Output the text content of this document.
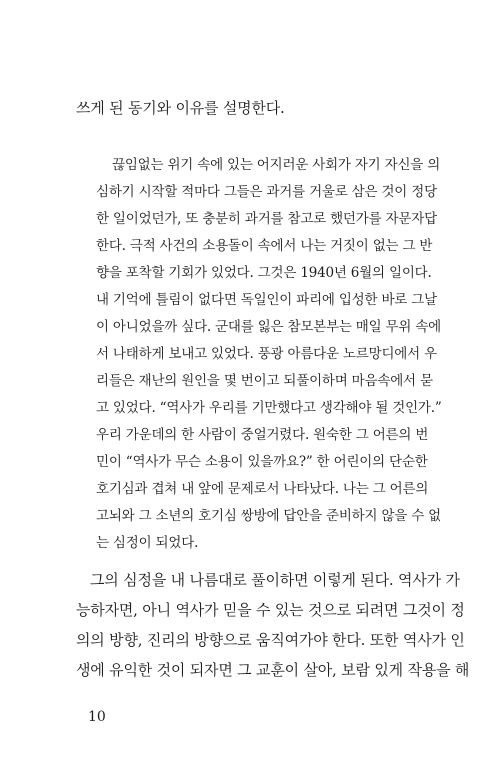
쓰게 된 동기와 이유를 설명한다.
끊임없는 위기 속에 있는 어지러운 사회가 자기 자신을 의
심하기 시작할 적마다 그들은 과거를 거울로 삼은 것이 정당
한 일이었던가, 또 충분히 과거를 참고로 했던가를 자문자답
한다. 극적 사건의 소용돌이 속에서 나는 거짓이 없는 그 반
향을 포착할 기회가 있었다. 그것은 1940년 6월의 일이다.
내 기억에 틀림이 없다면 독일인이 파리에 입성한 바로 그날
이 아니었을까 싶다. 군대를 잃은 참모본부는 매일 무위 속에
서 나태하게 보내고 있었다. 풍광 아름다운 노르망디에서 우
리들은 재난의 원인을 몇 번이고 되풀이하며 마음속에서 묻
고 있었다. “역사가 우리를 기만했다고 생각해야 될 것인가.”
우리 가운데의 한 사람이 중얼거렸다. 원숙한 그 어른의 번
민이 “역사가 무슨 소용이 있을까요?” 한 어린이의 단순한
호기심과 겹쳐 내 앞에 문제로서 나타났다. 나는 그 어른의
고뇌와 그 소년의 호기심 쌍방에 답안을 준비하지 않을 수 없
는 심정이 되었다.
그의 심정을 내 나름대로 풀이하면 이렇게 된다. 역사가 가
능하자면, 아니 역사가 믿을 수 있는 것으로 되려면 그것이 정
의의 방향, 진리의 방향으로 움직여가야 한다. 또한 역사가 인
생에 유익한 것이 되자면 그 교훈이 살아, 보람 있게 작용을 해
10
